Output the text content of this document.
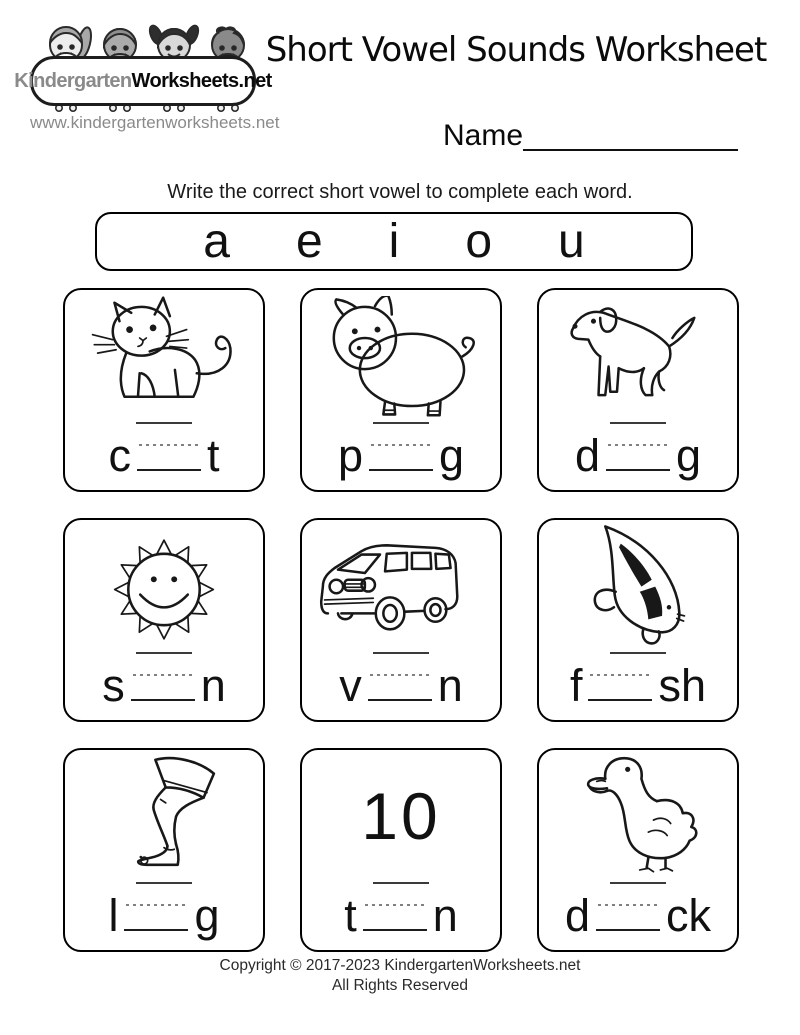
Kindergarten Worksheets.net
www.kindergartenworksheets.net
Short Vowel Sounds Worksheet
Name
Write the correct short vowel to complete each word.
a e i o u
c t	p g d g
s n	v n f sh
l g
10
t n d ck
Copyright © 2017-2023 KindergartenWorksheets.net
All Rights Reserved
